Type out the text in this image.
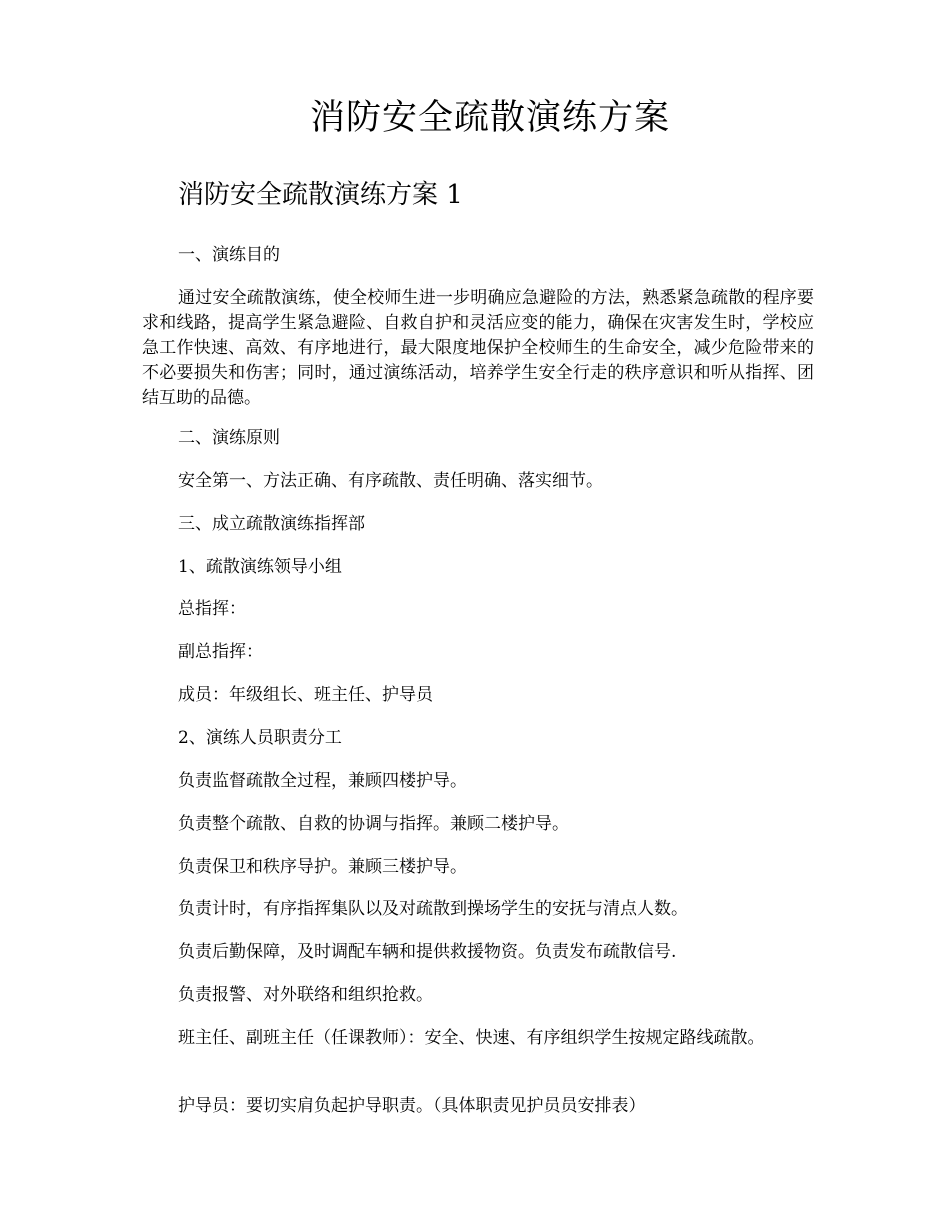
消防安全疏散演练方案
消防安全疏散演练方案 1

一、演练目的

通过安全疏散演练，使全校师生进一步明确应急避险的方法，熟悉紧急疏散的程序要求和线路，提高学生紧急避险、自救自护和灵活应变的能力，确保在灾害发生时，学校应急工作快速、高效、有序地进行，最大限度地保护全校师生的生命安全，减少危险带来的不必要损失和伤害；同时，通过演练活动，培养学生安全行走的秩序意识和听从指挥、团结互助的品德。

二、演练原则

安全第一、方法正确、有序疏散、责任明确、落实细节。

三、成立疏散演练指挥部

1、疏散演练领导小组

总指挥：

副总指挥：

成员：年级组长、班主任、护导员

2、演练人员职责分工

负责监督疏散全过程，兼顾四楼护导。

负责整个疏散、自救的协调与指挥。兼顾二楼护导。

负责保卫和秩序导护。兼顾三楼护导。

负责计时，有序指挥集队以及对疏散到操场学生的安抚与清点人数。

负责后勤保障，及时调配车辆和提供救援物资。负责发布疏散信号.

负责报警、对外联络和组织抢救。

班主任、副班主任（任课教师）：安全、快速、有序组织学生按规定路线疏散。

护导员：要切实肩负起护导职责。（具体职责见护员员安排表）
